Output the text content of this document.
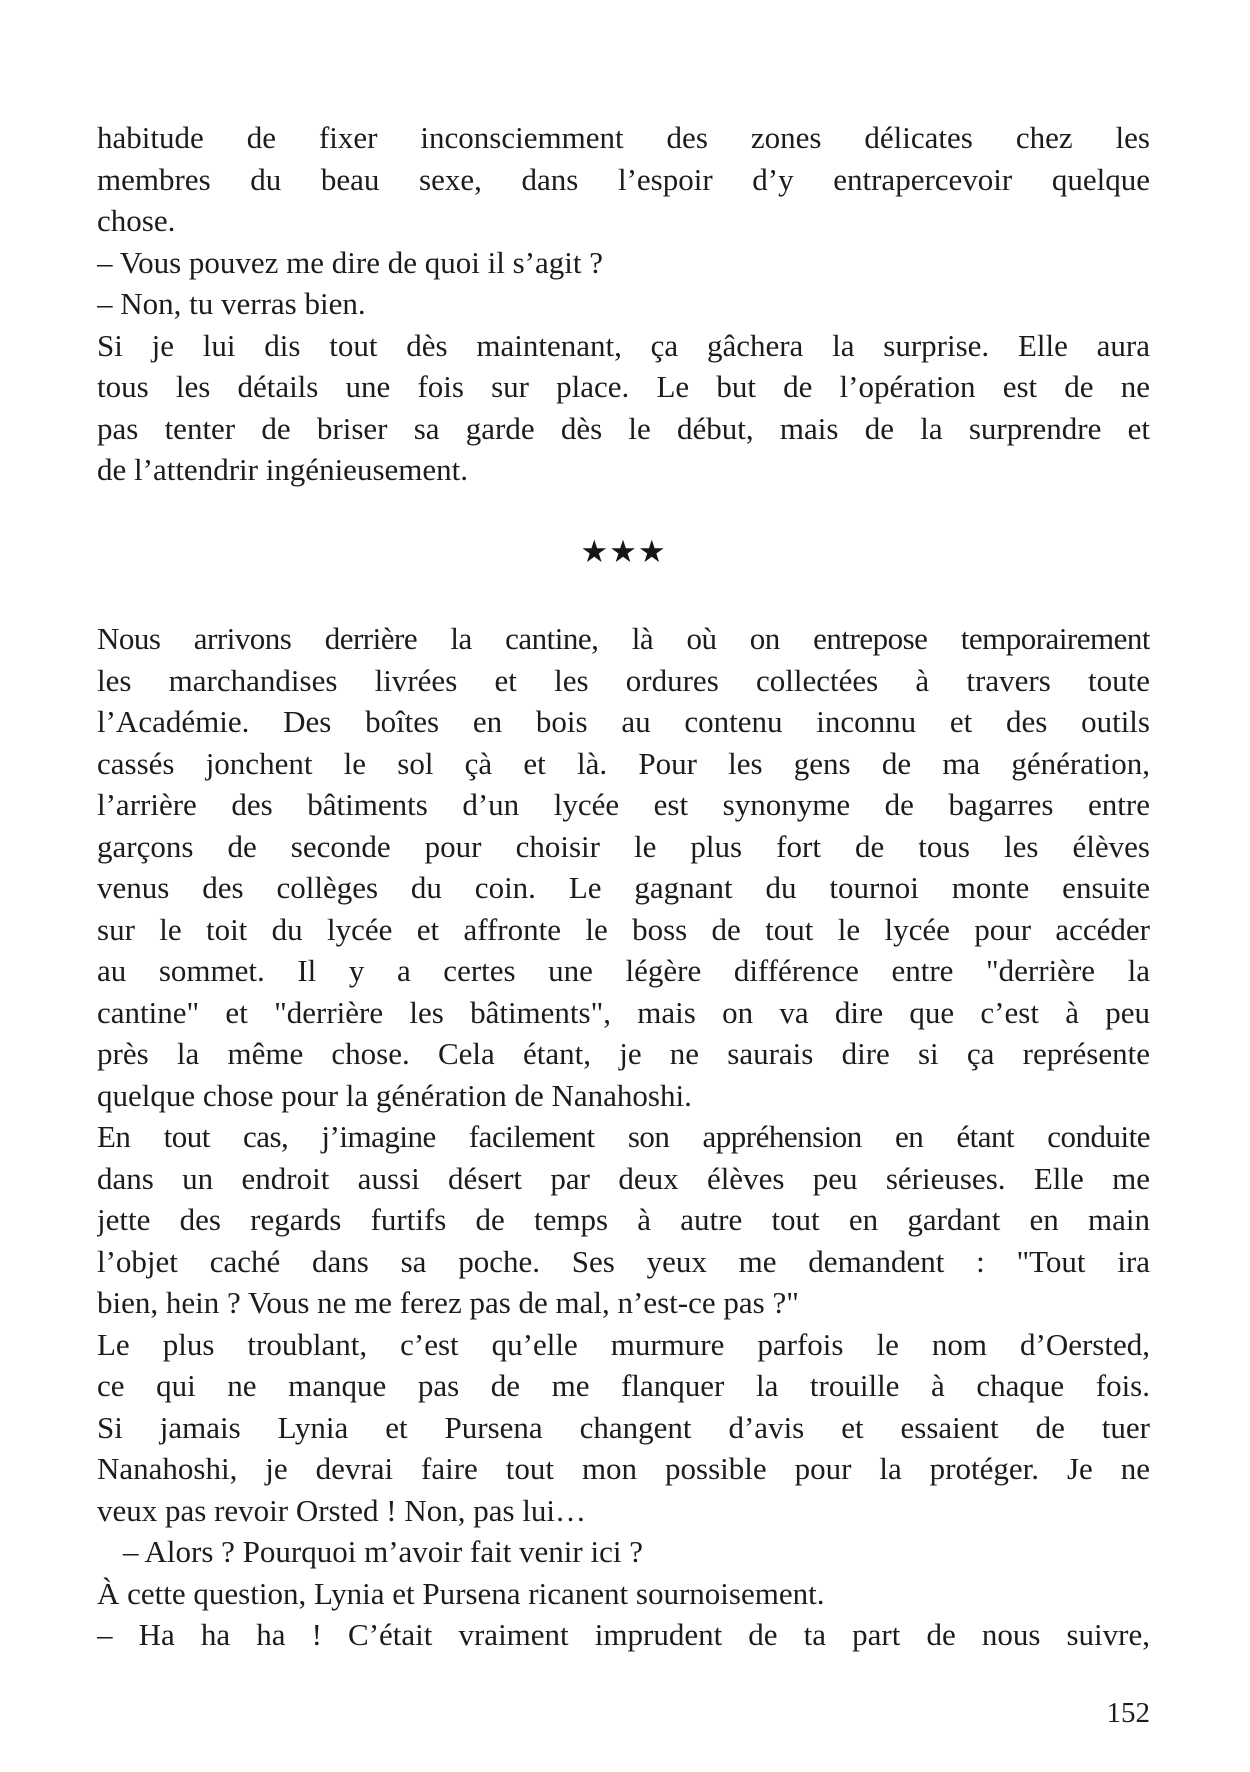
habitude de fixer inconsciemment des zones délicates chez les
membres du beau sexe, dans l’espoir d’y entrapercevoir quelque
chose.
– Vous pouvez me dire de quoi il s’agit ?
– Non, tu verras bien.
Si je lui dis tout dès maintenant, ça gâchera la surprise. Elle aura
tous les détails une fois sur place. Le but de l’opération est de ne
pas tenter de briser sa garde dès le début, mais de la surprendre et
de l’attendrir ingénieusement.
★★★
Nous arrivons derrière la cantine, là où on entrepose temporairement
les marchandises livrées et les ordures collectées à travers toute
l’Académie. Des boîtes en bois au contenu inconnu et des outils
cassés jonchent le sol çà et là. Pour les gens de ma génération,
l’arrière des bâtiments d’un lycée est synonyme de bagarres entre
garçons de seconde pour choisir le plus fort de tous les élèves
venus des collèges du coin. Le gagnant du tournoi monte ensuite
sur le toit du lycée et affronte le boss de tout le lycée pour accéder
au sommet. Il y a certes une légère différence entre "derrière la
cantine" et "derrière les bâtiments", mais on va dire que c’est à peu
près la même chose. Cela étant, je ne saurais dire si ça représente
quelque chose pour la génération de Nanahoshi.
En tout cas, j’imagine facilement son appréhension en étant conduite
dans un endroit aussi désert par deux élèves peu sérieuses. Elle me
jette des regards furtifs de temps à autre tout en gardant en main
l’objet caché dans sa poche. Ses yeux me demandent : "Tout ira
bien, hein ? Vous ne me ferez pas de mal, n’est-ce pas ?"
Le plus troublant, c’est qu’elle murmure parfois le nom d’Oersted,
ce qui ne manque pas de me flanquer la trouille à chaque fois.
Si jamais Lynia et Pursena changent d’avis et essaient de tuer
Nanahoshi, je devrai faire tout mon possible pour la protéger. Je ne
veux pas revoir Orsted ! Non, pas lui…
– Alors ? Pourquoi m’avoir fait venir ici ?
À cette question, Lynia et Pursena ricanent sournoisement.
– Ha ha ha ! C’était vraiment imprudent de ta part de nous suivre,
152
